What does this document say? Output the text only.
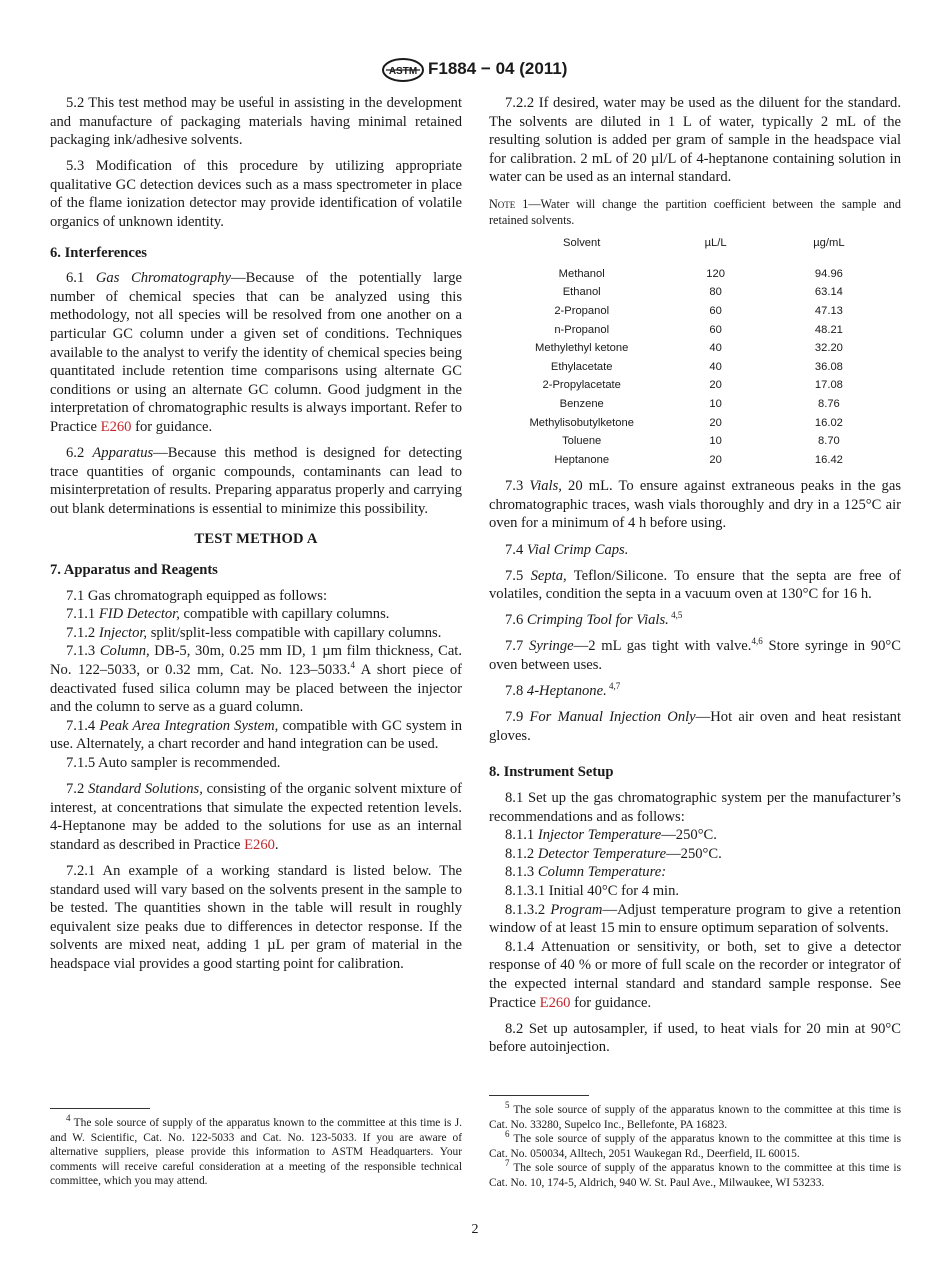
ASTM F1884 − 04 (2011)

5.2 This test method may be useful in assisting in the development and manufacture of packaging materials having minimal retained packaging ink/adhesive solvents.

5.3 Modification of this procedure by utilizing appropriate qualitative GC detection devices such as a mass spectrometer in place of the flame ionization detector may provide identification of volatile organics of unknown identity.

6. Interferences

6.1 Gas Chromatography—Because of the potentially large number of chemical species that can be analyzed using this methodology, not all species will be resolved from one another on a particular GC column under a given set of conditions. Techniques available to the analyst to verify the identity of chemical species being quantitated include retention time comparisons using alternate GC conditions or using an alternate GC column. Good judgment in the interpretation of chromatographic results is always important. Refer to Practice E260 for guidance.

6.2 Apparatus—Because this method is designed for detecting trace quantities of organic compounds, contaminants can lead to misinterpretation of results. Preparing apparatus properly and carrying out blank determinations is essential to minimize this possibility.

TEST METHOD A
7. Apparatus and Reagents

7.1 Gas chromatograph equipped as follows:

7.1.1 FID Detector, compatible with capillary columns.

7.1.2 Injector, split/split-less compatible with capillary columns.

7.1.3 Column, DB-5, 30m, 0.25 mm ID, 1 µm film thickness, Cat. No. 122–5033, or 0.32 mm, Cat. No. 123–5033.$^4$ A short piece of deactivated fused silica column may be placed between the injector and the column to serve as a guard column.

7.1.4 Peak Area Integration System, compatible with GC system in use. Alternately, a chart recorder and hand integration can be used.

7.1.5 Auto sampler is recommended.

7.2 Standard Solutions, consisting of the organic solvent mixture of interest, at concentrations that simulate the expected retention levels. 4-Heptanone may be added to the solutions for use as an internal standard as described in Practice E260.

7.2.1 An example of a working standard is listed below. The standard used will vary based on the solvents present in the sample to be tested. The quantities shown in the table will result in roughly equivalent size peaks due to differences in detector response. If the solvents are mixed neat, adding 1 µL per gram of material in the headspace vial provides a good starting point for calibration.

7.2.2 If desired, water may be used as the diluent for the standard. The solvents are diluted in 1 L of water, typically 2 mL of the resulting solution is added per gram of sample in the headspace vial for calibration. 2 mL of 20 µl/L of 4-heptanone containing solution in water can be used as an internal standard.

Note 1—Water will change the partition coefficient between the sample and retained solvents.
Solvent	µL/L	µg/mL
Methanol	120	94.96
Ethanol	80	63.14
2-Propanol	60	47.13
n-Propanol	60	48.21
Methylethyl ketone	40	32.20
Ethylacetate	40	36.08
2-Propylacetate	20	17.08
Benzene	10	8.76
Methylisobutylketone	20	16.02
Toluene	10	8.70
Heptanone	20	16.42

7.3 Vials, 20 mL. To ensure against extraneous peaks in the gas chromatographic traces, wash vials thoroughly and dry in a 125°C air oven for a minimum of 4 h before using.

7.4 Vial Crimp Caps.

7.5 Septa, Teflon/Silicone. To ensure that the septa are free of volatiles, condition the septa in a vacuum oven at 130°C for 16 h.

7.6 Crimping Tool for Vials. $^{4,5}$

7.7 Syringe—2 mL gas tight with valve.$^{4,6}$ Store syringe in 90°C oven between uses.

7.8 4-Heptanone. $^{4,7}$

7.9 For Manual Injection Only—Hot air oven and heat resistant gloves.

8. Instrument Setup

8.1 Set up the gas chromatographic system per the manufacturer’s recommendations and as follows:

8.1.1 Injector Temperature—250°C.

8.1.2 Detector Temperature—250°C.

8.1.3 Column Temperature:

8.1.3.1 Initial 40°C for 4 min.

8.1.3.2 Program—Adjust temperature program to give a retention window of at least 15 min to ensure optimum separation of solvents.

8.1.4 Attenuation or sensitivity, or both, set to give a detector response of 40 % or more of full scale on the recorder or integrator of the expected internal standard and standard sample response. See Practice E260 for guidance.

8.2 Set up autosampler, if used, to heat vials for 20 min at 90°C before autoinjection.

$^4$ The sole source of supply of the apparatus known to the committee at this time is J. and W. Scientific, Cat. No. 122-5033 and Cat. No. 123-5033. If you are aware of alternative suppliers, please provide this information to ASTM Headquarters. Your comments will receive careful consideration at a meeting of the responsible technical committee, which you may attend.

$^5$ The sole source of supply of the apparatus known to the committee at this time is Cat. No. 33280, Supelco Inc., Bellefonte, PA 16823.

$^6$ The sole source of supply of the apparatus known to the committee at this time is Cat. No. 050034, Alltech, 2051 Waukegan Rd., Deerfield, IL 60015.

$^7$ The sole source of supply of the apparatus known to the committee at this time is Cat. No. 10, 174-5, Aldrich, 940 W. St. Paul Ave., Milwaukee, WI 53233.

2
